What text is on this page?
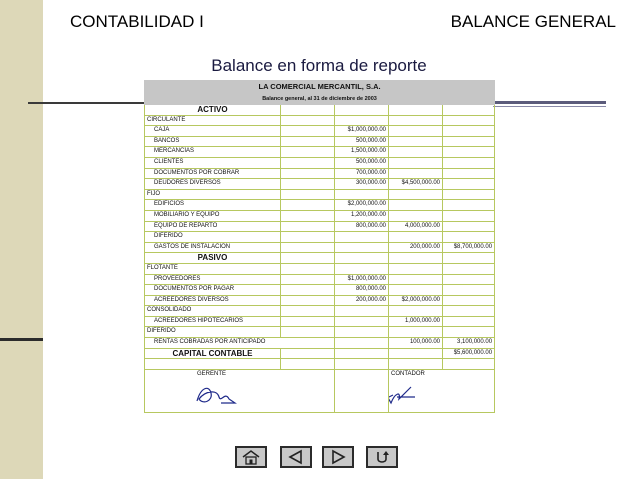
CONTABILIDAD I	BALANCE GENERAL
Balance en forma de reporte
LA COMERCIAL MERCANTIL, S.A.				
Balance general, al 31 de diciembre de 2003				
ACTIVO				
CIRCULANTE				
CAJA		$1,000,000.00		
BANCOS		500,000.00		
MERCANCÍAS		1,500,000.00		
CLIENTES		500,000.00		
DOCUMENTOS POR COBRAR		700,000.00		
DEUDORES DIVERSOS		300,000.00	$4,500,000.00	
FIJO				
EDIFICIOS		$2,000,000.00		
MOBILIARIO Y EQUIPO		1,200,000.00		
EQUIPO DE REPARTO		800,000.00	4,000,000.00	
DIFERIDO				
GASTOS DE INSTALACIÓN			200,000.00	$8,700,000.00
PASIVO				
FLOTANTE				
PROVEEDORES		$1,000,000.00		
DOCUMENTOS POR PAGAR		800,000.00		
ACREEDORES DIVERSOS		200,000.00	$2,000,000.00	
CONSOLIDADO				
ACREEDORES HIPOTECARIOS			1,000,000.00	
DIFERIDO				
RENTAS COBRADAS POR ANTICIPADO			100,000.00	3,100,000.00
CAPITAL CONTABLE				$5,600,000.00

GERENTE			CONTADOR	
